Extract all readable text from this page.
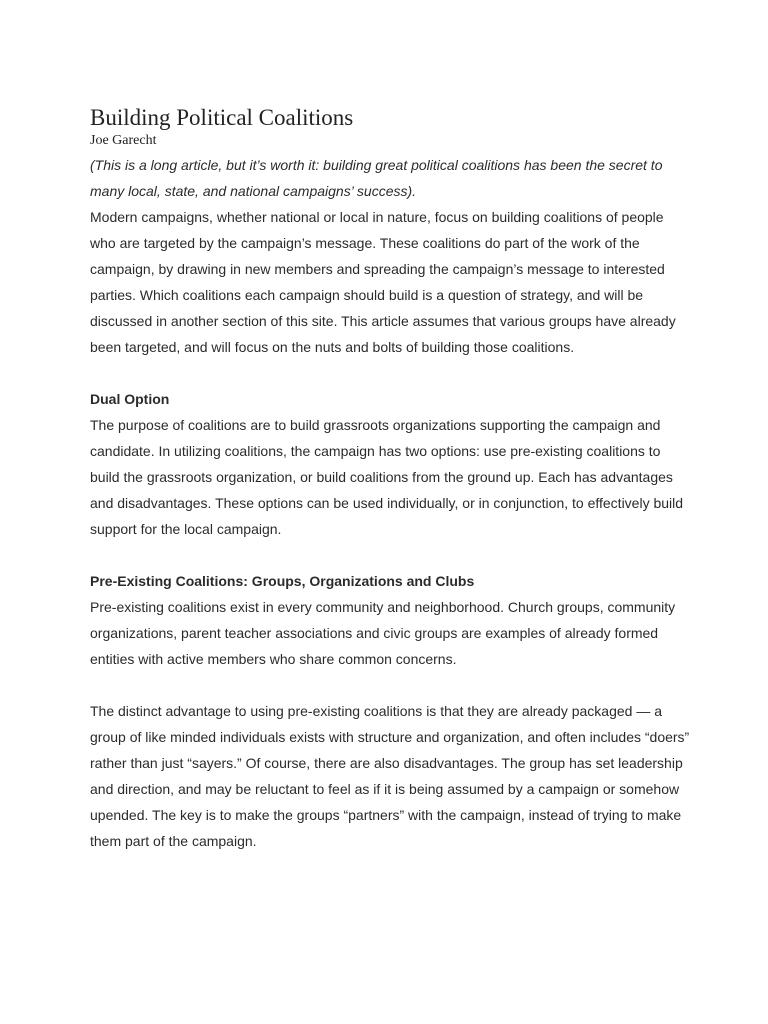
Building Political Coalitions
Joe Garecht

(This is a long article, but it’s worth it: building great political coalitions has been the secret to many local, state, and national campaigns’ success).

Modern campaigns, whether national or local in nature, focus on building coalitions of people who are targeted by the campaign’s message. These coalitions do part of the work of the campaign, by drawing in new members and spreading the campaign’s message to interested parties. Which coalitions each campaign should build is a question of strategy, and will be discussed in another section of this site. This article assumes that various groups have already been targeted, and will focus on the nuts and bolts of building those coalitions.

Dual Option

The purpose of coalitions are to build grassroots organizations supporting the campaign and candidate. In utilizing coalitions, the campaign has two options: use pre-existing coalitions to build the grassroots organization, or build coalitions from the ground up. Each has advantages and disadvantages. These options can be used individually, or in conjunction, to effectively build support for the local campaign.

Pre-Existing Coalitions: Groups, Organizations and Clubs

Pre-existing coalitions exist in every community and neighborhood. Church groups, community organizations, parent teacher associations and civic groups are examples of already formed entities with active members who share common concerns.

The distinct advantage to using pre-existing coalitions is that they are already packaged — a group of like minded individuals exists with structure and organization, and often includes “doers” rather than just “sayers.” Of course, there are also disadvantages. The group has set leadership and direction, and may be reluctant to feel as if it is being assumed by a campaign or somehow upended. The key is to make the groups “partners” with the campaign, instead of trying to make them part of the campaign.
